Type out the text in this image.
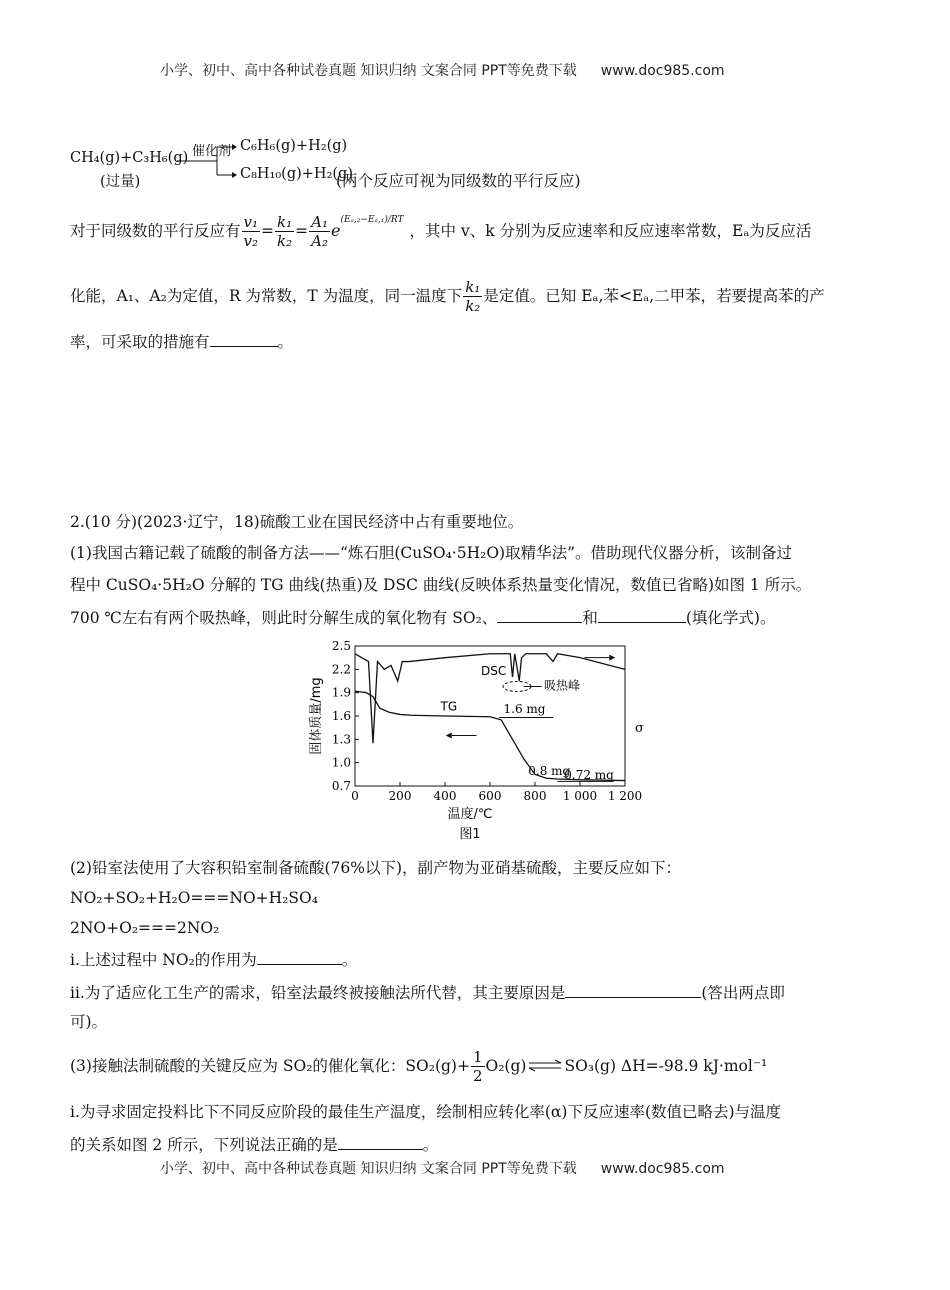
小学、初中、高中各种试卷真题 知识归纳 文案合同 PPT等免费下载 www.doc985.com
CH₄(g)+C₃H₆(g)
(过量)
催化剂 C₆H₆(g)+H₂(g)
C₈H₁₀(g)+H₂(g)
(两个反应可视为同级数的平行反应)
对于同级数的平行反应有 $\frac{\text{v₁}}{\text{v₂}} = \frac{\text{k₁}}{\text{k₂}} = \frac{\text{A₁}}{\text{A₂}}$ e
(Eₐ,₂−Eₐ,₁)/RT
，其中 v、k 分别为反应速率和反应速率常数，Eₐ为反应活
化能，A₁、A₂为定值，R 为常数，T 为温度，同一温度下 $\frac{\text{k₁}}{\text{k₂}}$ 是定值。已知 Eₐ,苯<Eₐ,二甲苯，若要提高苯的产
率，可采取的措施有	。
2.(10 分)(2023·辽宁，18)硫酸工业在国民经济中占有重要地位。
(1)我国古籍记载了硫酸的制备方法——“炼石胆(CuSO₄·5H₂O)取精华法”。借助现代仪器分析，该制备过
程中 CuSO₄·5H₂O 分解的 TG 曲线(热重)及 DSC 曲线(反映体系热量变化情况，数值已省略)如图 1 所示。
700 ℃左右有两个吸热峰，则此时分解生成的氧化物有 SO₂、	和	(填化学式)。
0 200 400 600 800 1 000 1 200
0.7
1.0
1.3
1.6
1.9
2.2
2.5
温度/℃
固体质量/mg
图1
σ
DSC
TG	1.6 mg
0.8 mg
0.72 mg
吸热峰
(2)铅室法使用了大容积铅室制备硫酸(76%以下)，副产物为亚硝基硫酸，主要反应如下：
NO₂+SO₂+H₂O===NO+H₂SO₄
2NO+O₂===2NO₂
ⅰ.上述过程中 NO₂的作用为	。
ⅱ.为了适应化工生产的需求，铅室法最终被接触法所代替，其主要原因是	(答出两点即
可)。
(3)接触法制硫酸的关键反应为 SO₂的催化氧化：$SO_2(g)+ \frac{1}{2} O_2(g)$ ⇌ SO₃(g) ΔH=-98.9 kJ·mol⁻¹
ⅰ.为寻求固定投料比下不同反应阶段的最佳生产温度，绘制相应转化率(α)下反应速率(数值已略去)与温度
的关系如图 2 所示，下列说法正确的是	。
小学、初中、高中各种试卷真题 知识归纳 文案合同 PPT等免费下载 www.doc985.com
